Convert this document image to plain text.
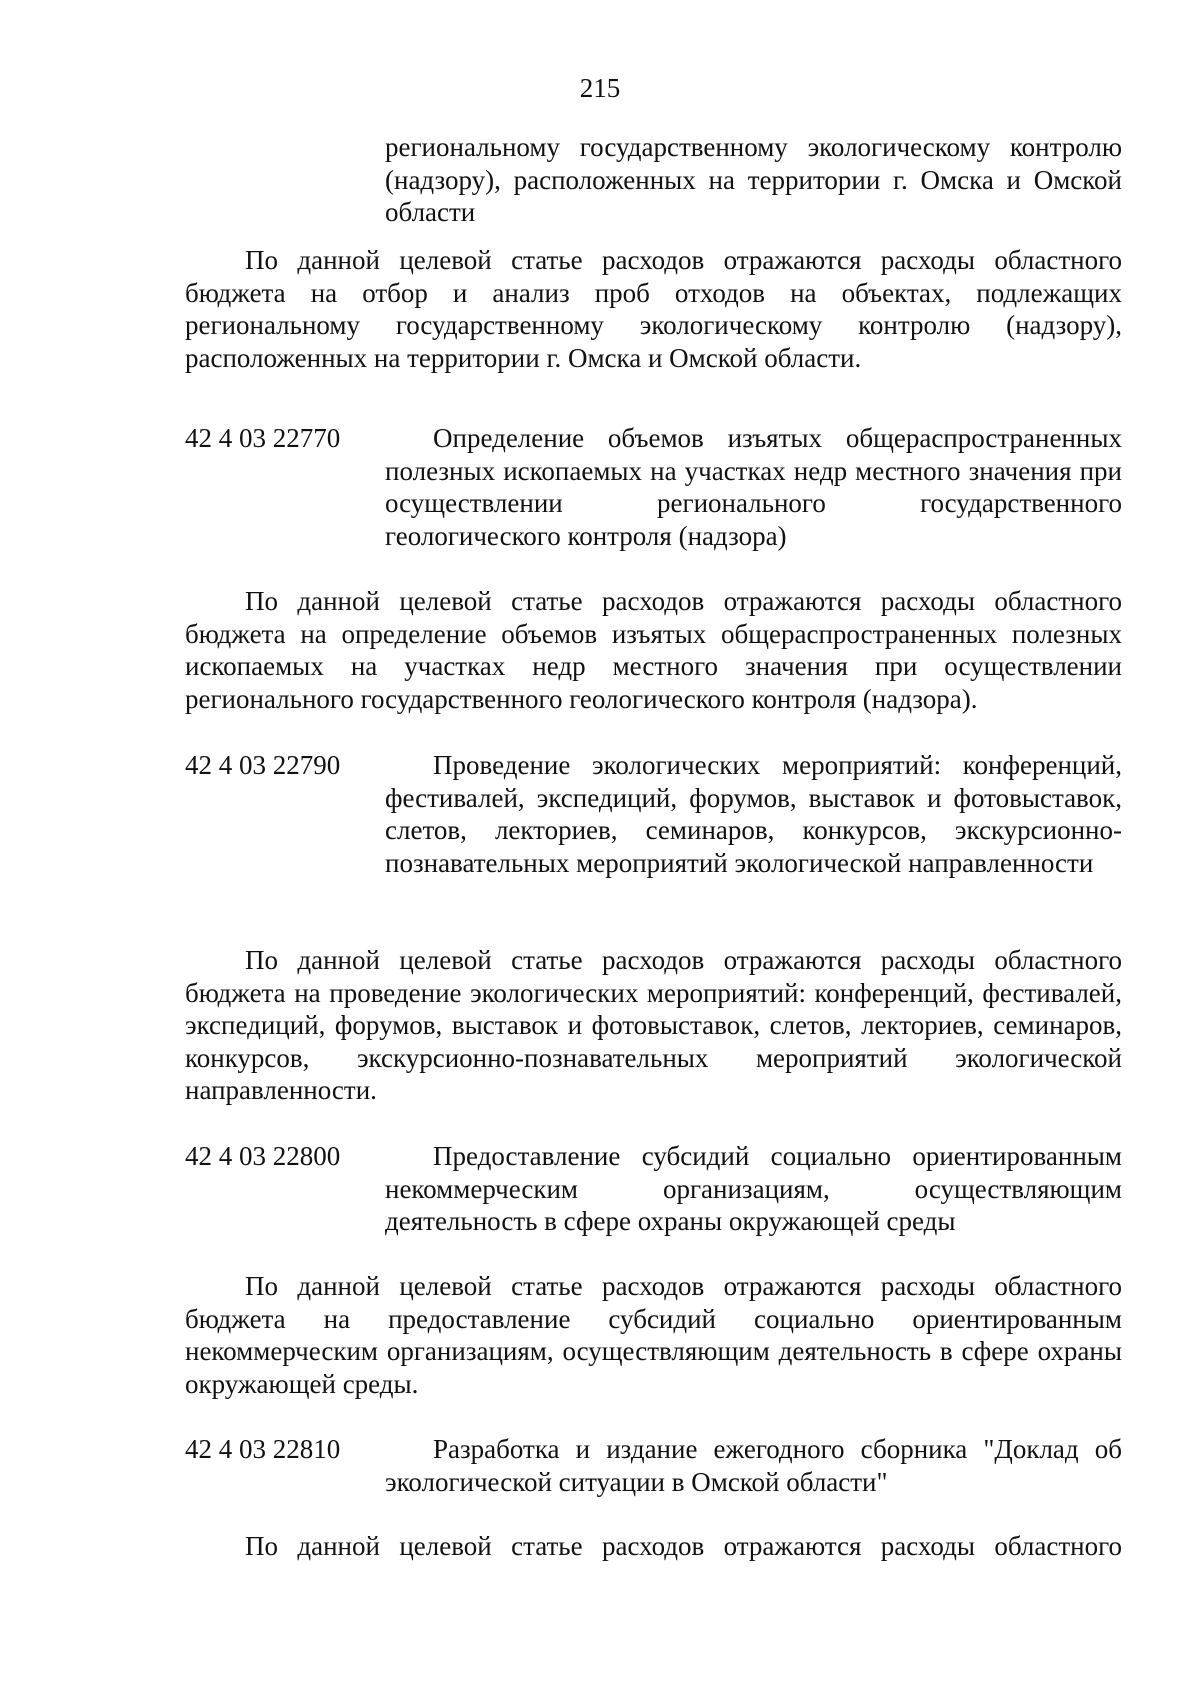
215
региональному государственному экологическому контролю (надзору), расположенных на территории г. Омска и Омской области
По данной целевой статье расходов отражаются расходы областного бюджета на отбор и анализ проб отходов на объектах, подлежащих региональному государственному экологическому контролю (надзору), расположенных на территории г. Омска и Омской области.
42 4 03 22770	Определение объемов изъятых общераспространенных полезных ископаемых на участках недр местного значения при осуществлении регионального государственного геологического контроля (надзора)
По данной целевой статье расходов отражаются расходы областного бюджета на определение объемов изъятых общераспространенных полезных ископаемых на участках недр местного значения при осуществлении регионального государственного геологического контроля (надзора).
42 4 03 22790	Проведение экологических мероприятий: конференций, фестивалей, экспедиций, форумов, выставок и фотовыставок, слетов, лекториев, семинаров, конкурсов, экскурсионно-познавательных мероприятий экологической направленности
По данной целевой статье расходов отражаются расходы областного бюджета на проведение экологических мероприятий: конференций, фестивалей, экспедиций, форумов, выставок и фотовыставок, слетов, лекториев, семинаров, конкурсов, экскурсионно-познавательных мероприятий экологической направленности.
42 4 03 22800	Предоставление субсидий социально ориентированным некоммерческим организациям, осуществляющим деятельность в сфере охраны окружающей среды
По данной целевой статье расходов отражаются расходы областного бюджета на предоставление субсидий социально ориентированным некоммерческим организациям, осуществляющим деятельность в сфере охраны окружающей среды.
42 4 03 22810	Разработка и издание ежегодного сборника "Доклад об экологической ситуации в Омской области"
По данной целевой статье расходов отражаются расходы областного
